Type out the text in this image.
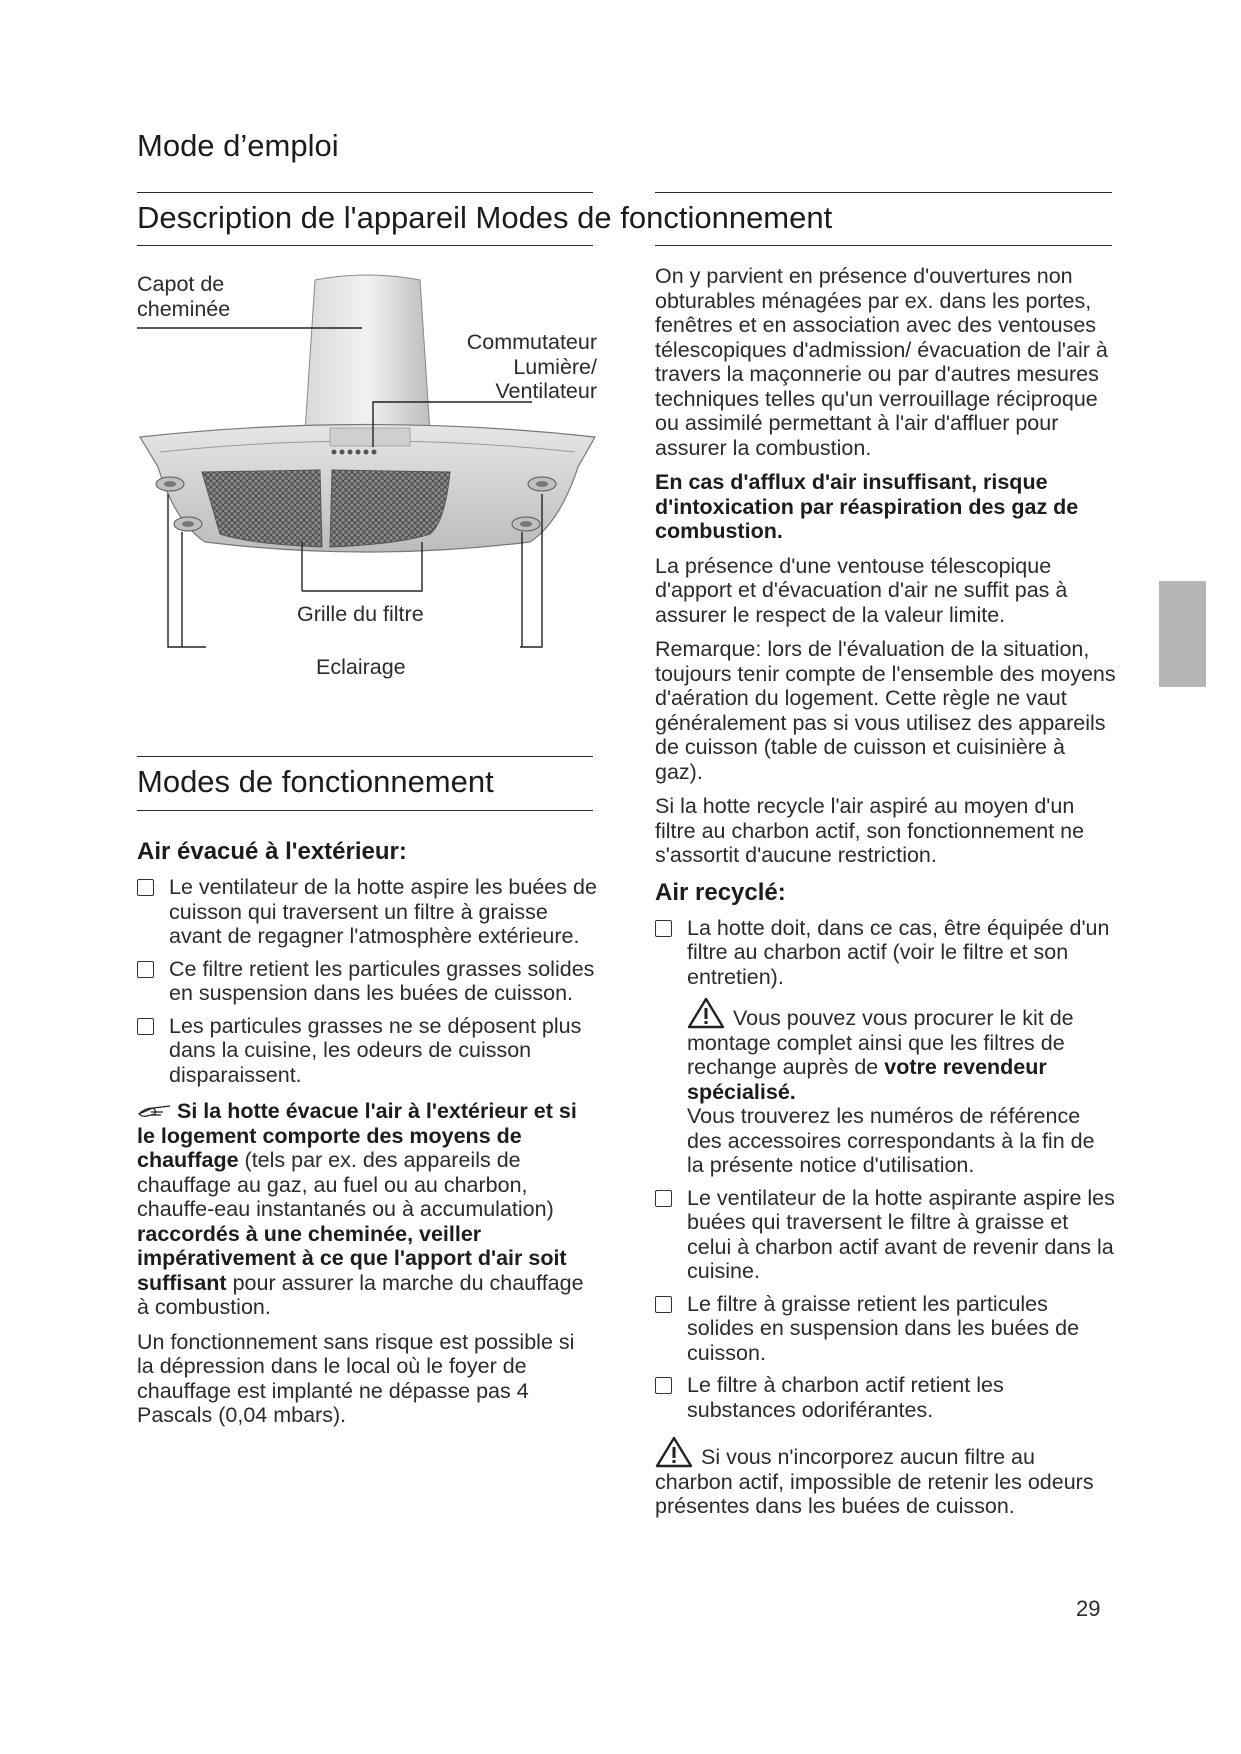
Mode d’emploi
Description de l'appareil Modes de fonctionnement
Capot de
cheminée
Commutateur
Lumière/
Ventilateur
Grille du filtre
Eclairage
Modes de fonctionnement
Air évacué à l'extérieur:
Le ventilateur de la hotte aspire les buées de cuisson qui traversent un filtre à graisse avant de regagner l'atmosphère extérieure.
Ce filtre retient les particules grasses solides en suspension dans les buées de cuisson.
Les particules grasses ne se déposent plus dans la cuisine, les odeurs de cuisson disparaissent.

Si la hotte évacue l'air à l'extérieur et si le logement comporte des moyens de chauffage (tels par ex. des appareils de chauffage au gaz, au fuel ou au charbon, chauffe-eau instantanés ou à accumulation) raccordés à une cheminée, veiller impérativement à ce que l'apport d'air soit suffisant pour assurer la marche du chauffage à combustion.

Un fonctionnement sans risque est possible si la dépression dans le local où le foyer de chauffage est implanté ne dépasse pas 4 Pascals (0,04 mbars).

On y parvient en présence d'ouvertures non obturables ménagées par ex. dans les portes, fenêtres et en association avec des ventouses télescopiques d'admission/ évacuation de l'air à travers la maçonnerie ou par d'autres mesures techniques telles qu'un verrouillage réciproque ou assimilé permettant à l'air d'affluer pour assurer la combustion.

En cas d'afflux d'air insuffisant, risque d'intoxication par réaspiration des gaz de combustion.

La présence d'une ventouse télescopique d'apport et d'évacuation d'air ne suffit pas à assurer le respect de la valeur limite.

Remarque: lors de l'évaluation de la situation, toujours tenir compte de l'ensemble des moyens d'aération du logement. Cette règle ne vaut généralement pas si vous utilisez des appareils de cuisson (table de cuisson et cuisinière à gaz).

Si la hotte recycle l'air aspiré au moyen d'un filtre au charbon actif, son fonctionnement ne s'assortit d'aucune restriction.

Air recyclé:
La hotte doit, dans ce cas, être équipée d'un filtre au charbon actif (voir le filtre et son entretien).
Vous pouvez vous procurer le kit de montage complet ainsi que les filtres de rechange auprès de votre revendeur spécialisé.
Vous trouverez les numéros de référence des accessoires correspondants à la fin de la présente notice d'utilisation.
Le ventilateur de la hotte aspirante aspire les buées qui traversent le filtre à graisse et celui à charbon actif avant de revenir dans la cuisine.
Le filtre à graisse retient les particules solides en suspension dans les buées de cuisson.
Le filtre à charbon actif retient les substances odoriférantes.

Si vous n'incorporez aucun filtre au charbon actif, impossible de retenir les odeurs présentes dans les buées de cuisson.

29
